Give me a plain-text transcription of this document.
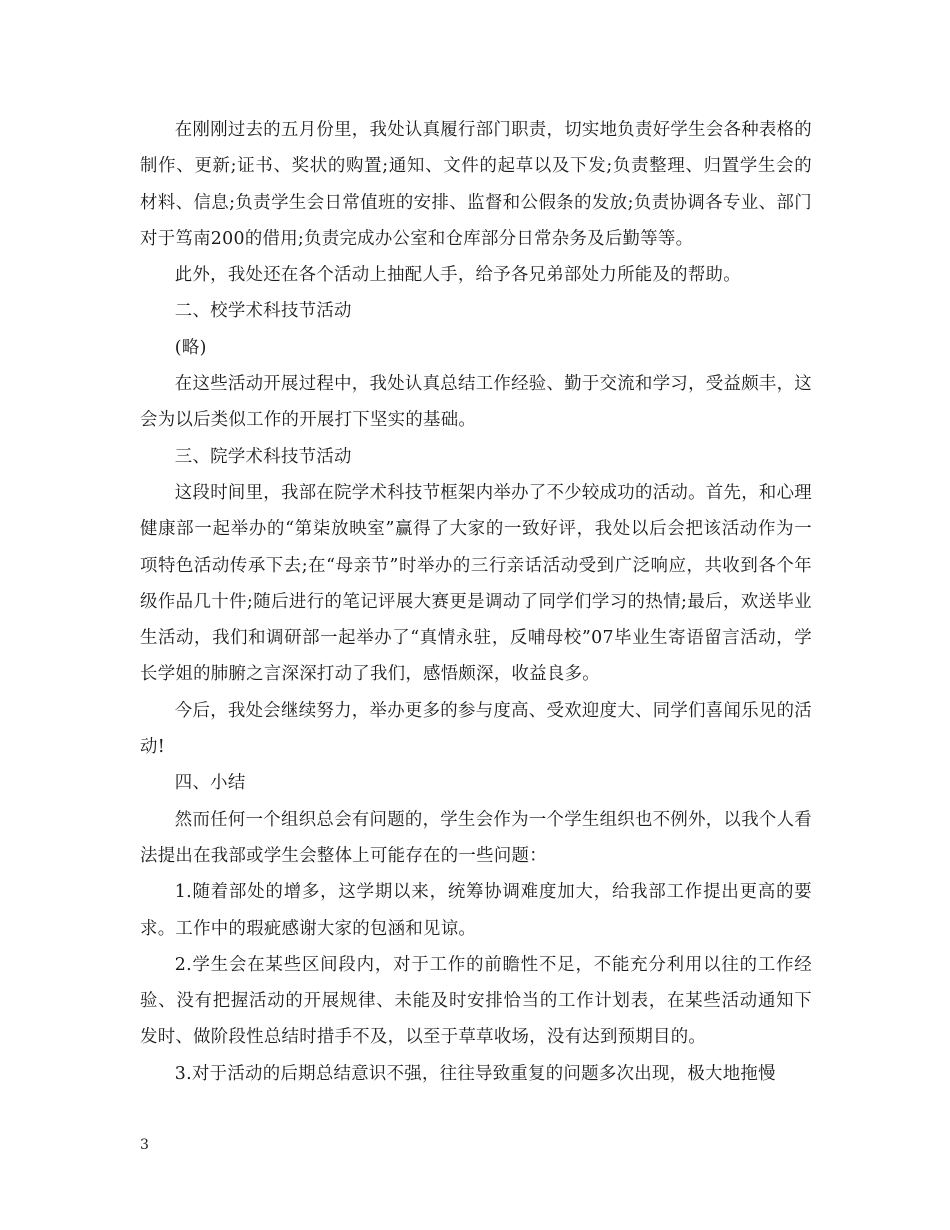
在刚刚过去的五月份里，我处认真履行部门职责，切实地负责好学生会各种表格的制作、更新;证书、奖状的购置;通知、文件的起草以及下发;负责整理、归置学生会的材料、信息;负责学生会日常值班的安排、监督和公假条的发放;负责协调各专业、部门对于笃南200的借用;负责完成办公室和仓库部分日常杂务及后勤等等。

此外，我处还在各个活动上抽配人手，给予各兄弟部处力所能及的帮助。

二、校学术科技节活动

(略)

在这些活动开展过程中，我处认真总结工作经验、勤于交流和学习，受益颇丰，这会为以后类似工作的开展打下坚实的基础。

三、院学术科技节活动

这段时间里，我部在院学术科技节框架内举办了不少较成功的活动。首先，和心理健康部一起举办的“第柒放映室”赢得了大家的一致好评，我处以后会把该活动作为一项特色活动传承下去;在“母亲节”时举办的三行亲话活动受到广泛响应，共收到各个年级作品几十件;随后进行的笔记评展大赛更是调动了同学们学习的热情;最后，欢送毕业生活动，我们和调研部一起举办了“真情永驻，反哺母校”07毕业生寄语留言活动，学长学姐的肺腑之言深深打动了我们，感悟颇深，收益良多。

今后，我处会继续努力，举办更多的参与度高、受欢迎度大、同学们喜闻乐见的活动!

四、小结

然而任何一个组织总会有问题的，学生会作为一个学生组织也不例外，以我个人看法提出在我部或学生会整体上可能存在的一些问题：

1.随着部处的增多，这学期以来，统筹协调难度加大，给我部工作提出更高的要求。工作中的瑕疵感谢大家的包涵和见谅。

2.学生会在某些区间段内，对于工作的前瞻性不足，不能充分利用以往的工作经验、没有把握活动的开展规律、未能及时安排恰当的工作计划表，在某些活动通知下发时、做阶段性总结时措手不及，以至于草草收场，没有达到预期目的。

3.对于活动的后期总结意识不强，往往导致重复的问题多次出现，极大地拖慢

3
